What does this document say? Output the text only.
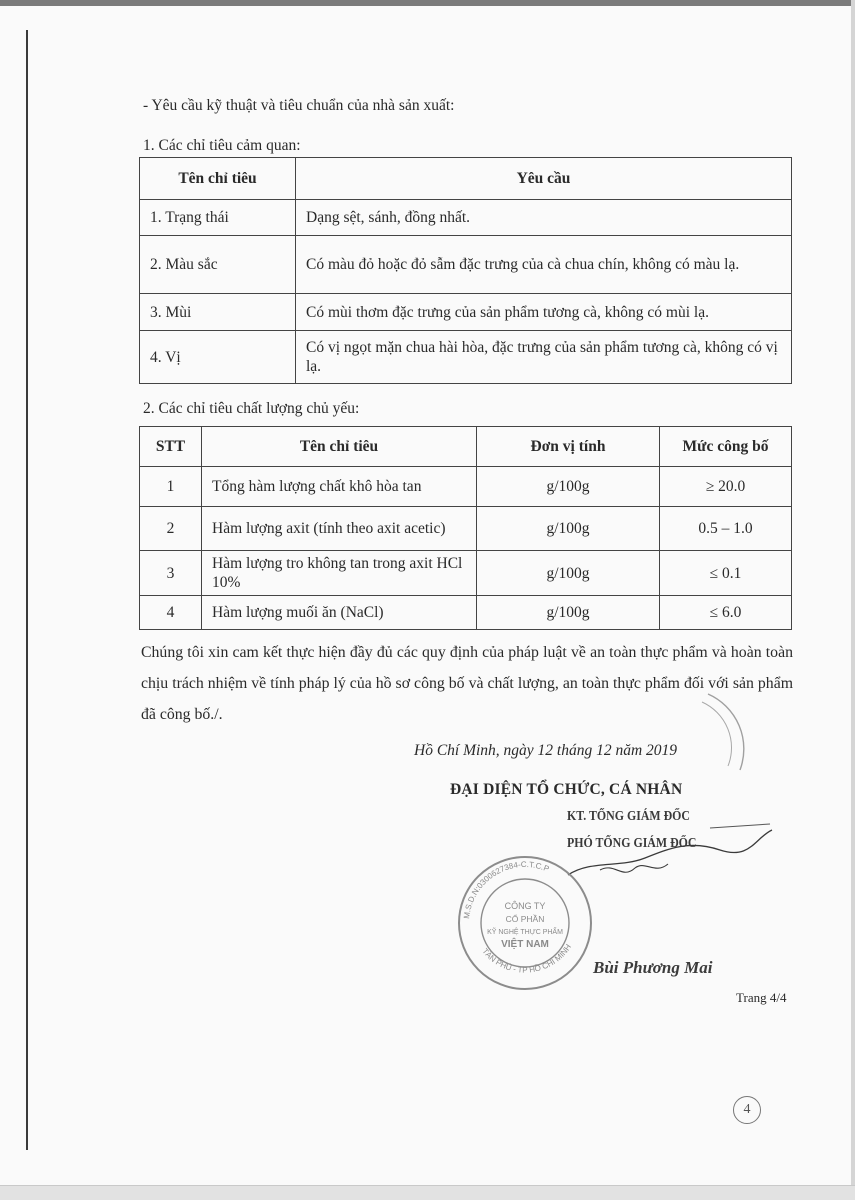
- Yêu cầu kỹ thuật và tiêu chuẩn của nhà sản xuất:
1. Các chỉ tiêu cảm quan:
Tên chỉ tiêu	Yêu cầu
1. Trạng thái	Dạng sệt, sánh, đồng nhất.
2. Màu sắc	Có màu đỏ hoặc đỏ sẫm đặc trưng của cà chua chín, không có màu lạ.
3. Mùi	Có mùi thơm đặc trưng của sản phẩm tương cà, không có mùi lạ.
4. Vị	Có vị ngọt mặn chua hài hòa, đặc trưng của sản phẩm tương cà, không có vị lạ.
2. Các chỉ tiêu chất lượng chủ yếu:
STT	Tên chỉ tiêu	Đơn vị tính	Mức công bố
1	Tổng hàm lượng chất khô hòa tan	g/100g	≥ 20.0
2	Hàm lượng axit (tính theo axit acetic)	g/100g	0.5 – 1.0
3	Hàm lượng tro không tan trong axit HCl 10%	g/100g	≤ 0.1
4	Hàm lượng muối ăn (NaCl)	g/100g	≤ 6.0
Chúng tôi xin cam kết thực hiện đầy đủ các quy định của pháp luật về an toàn thực phẩm và hoàn toàn chịu trách nhiệm về tính pháp lý của hồ sơ công bố và chất lượng, an toàn thực phẩm đối với sản phẩm đã công bố./.
Hồ Chí Minh, ngày 12 tháng 12 năm 2019
ĐẠI DIỆN TỔ CHỨC, CÁ NHÂN
KT. TỔNG GIÁM ĐỐC
PHÓ TỔNG GIÁM ĐỐC
CÔNG TY
CỔ PHẦN
KỸ NGHỆ THỰC PHẨM
VIỆT NAM
M.S.D.N:0300627384-C.T.C.P
TÂN PHÚ - TP HỒ CHÍ MINH
Bùi Phương Mai
Trang 4/4
4
